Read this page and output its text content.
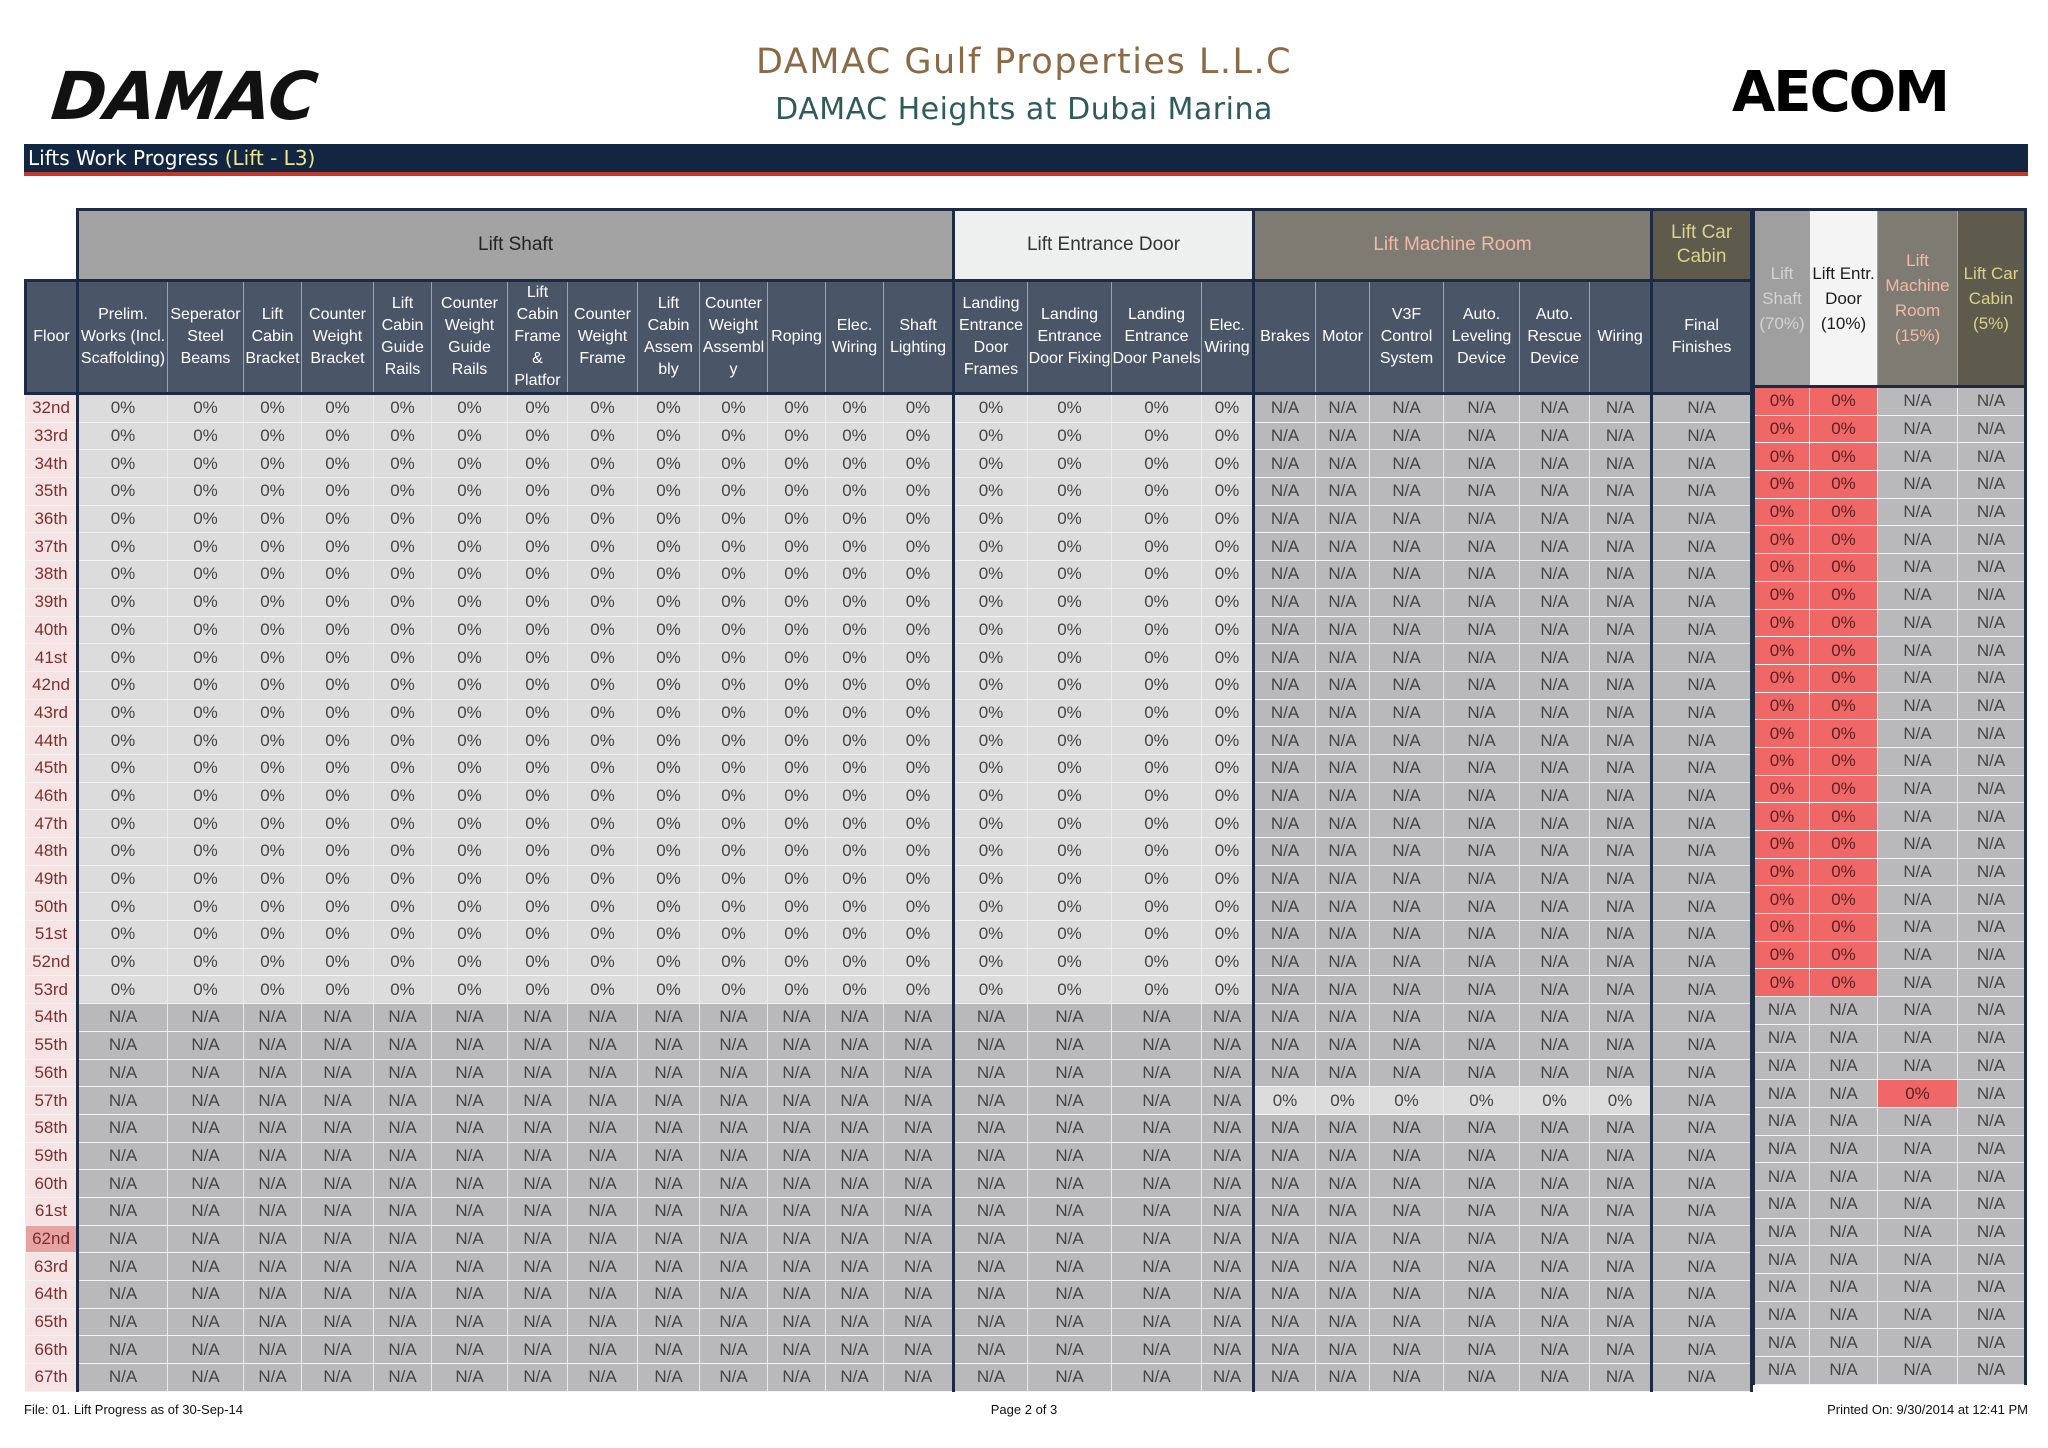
DAMAC	DAMAC Gulf Properties L.L.C
DAMAC Heights at Dubai Marina	AECOM
Lifts Work Progress (Lift - L3)
	Lift Shaft													Lift Entrance Door				Lift Machine Room						Lift Car Cabin
Floor	Prelim. Works (Incl. Scaffolding)	Seperator Steel Beams	Lift Cabin Bracket	Counter Weight Bracket	Lift Cabin Guide Rails	Counter Weight Guide Rails	Lift Cabin Frame & Platfor	Counter Weight Frame	Lift Cabin Assem bly	Counter Weight Assembl y	Roping	Elec. Wiring	Shaft Lighting	Landing Entrance Door Frames	Landing Entrance Door Fixing	Landing Entrance Door Panels	Elec. Wiring	Brakes	Motor	V3F Control System	Auto. Leveling Device	Auto. Rescue Device	Wiring	Final Finishes
32nd	0%	0%	0%	0%	0%	0%	0%	0%	0%	0%	0%	0%	0%	0%	0%	0%	0%	N/A	N/A	N/A	N/A	N/A	N/A	N/A
33rd	0%	0%	0%	0%	0%	0%	0%	0%	0%	0%	0%	0%	0%	0%	0%	0%	0%	N/A	N/A	N/A	N/A	N/A	N/A	N/A
34th	0%	0%	0%	0%	0%	0%	0%	0%	0%	0%	0%	0%	0%	0%	0%	0%	0%	N/A	N/A	N/A	N/A	N/A	N/A	N/A
35th	0%	0%	0%	0%	0%	0%	0%	0%	0%	0%	0%	0%	0%	0%	0%	0%	0%	N/A	N/A	N/A	N/A	N/A	N/A	N/A
36th	0%	0%	0%	0%	0%	0%	0%	0%	0%	0%	0%	0%	0%	0%	0%	0%	0%	N/A	N/A	N/A	N/A	N/A	N/A	N/A
37th	0%	0%	0%	0%	0%	0%	0%	0%	0%	0%	0%	0%	0%	0%	0%	0%	0%	N/A	N/A	N/A	N/A	N/A	N/A	N/A
38th	0%	0%	0%	0%	0%	0%	0%	0%	0%	0%	0%	0%	0%	0%	0%	0%	0%	N/A	N/A	N/A	N/A	N/A	N/A	N/A
39th	0%	0%	0%	0%	0%	0%	0%	0%	0%	0%	0%	0%	0%	0%	0%	0%	0%	N/A	N/A	N/A	N/A	N/A	N/A	N/A
40th	0%	0%	0%	0%	0%	0%	0%	0%	0%	0%	0%	0%	0%	0%	0%	0%	0%	N/A	N/A	N/A	N/A	N/A	N/A	N/A
41st	0%	0%	0%	0%	0%	0%	0%	0%	0%	0%	0%	0%	0%	0%	0%	0%	0%	N/A	N/A	N/A	N/A	N/A	N/A	N/A
42nd	0%	0%	0%	0%	0%	0%	0%	0%	0%	0%	0%	0%	0%	0%	0%	0%	0%	N/A	N/A	N/A	N/A	N/A	N/A	N/A
43rd	0%	0%	0%	0%	0%	0%	0%	0%	0%	0%	0%	0%	0%	0%	0%	0%	0%	N/A	N/A	N/A	N/A	N/A	N/A	N/A
44th	0%	0%	0%	0%	0%	0%	0%	0%	0%	0%	0%	0%	0%	0%	0%	0%	0%	N/A	N/A	N/A	N/A	N/A	N/A	N/A
45th	0%	0%	0%	0%	0%	0%	0%	0%	0%	0%	0%	0%	0%	0%	0%	0%	0%	N/A	N/A	N/A	N/A	N/A	N/A	N/A
46th	0%	0%	0%	0%	0%	0%	0%	0%	0%	0%	0%	0%	0%	0%	0%	0%	0%	N/A	N/A	N/A	N/A	N/A	N/A	N/A
47th	0%	0%	0%	0%	0%	0%	0%	0%	0%	0%	0%	0%	0%	0%	0%	0%	0%	N/A	N/A	N/A	N/A	N/A	N/A	N/A
48th	0%	0%	0%	0%	0%	0%	0%	0%	0%	0%	0%	0%	0%	0%	0%	0%	0%	N/A	N/A	N/A	N/A	N/A	N/A	N/A
49th	0%	0%	0%	0%	0%	0%	0%	0%	0%	0%	0%	0%	0%	0%	0%	0%	0%	N/A	N/A	N/A	N/A	N/A	N/A	N/A
50th	0%	0%	0%	0%	0%	0%	0%	0%	0%	0%	0%	0%	0%	0%	0%	0%	0%	N/A	N/A	N/A	N/A	N/A	N/A	N/A
51st	0%	0%	0%	0%	0%	0%	0%	0%	0%	0%	0%	0%	0%	0%	0%	0%	0%	N/A	N/A	N/A	N/A	N/A	N/A	N/A
52nd	0%	0%	0%	0%	0%	0%	0%	0%	0%	0%	0%	0%	0%	0%	0%	0%	0%	N/A	N/A	N/A	N/A	N/A	N/A	N/A
53rd	0%	0%	0%	0%	0%	0%	0%	0%	0%	0%	0%	0%	0%	0%	0%	0%	0%	N/A	N/A	N/A	N/A	N/A	N/A	N/A
54th	N/A	N/A	N/A	N/A	N/A	N/A	N/A	N/A	N/A	N/A	N/A	N/A	N/A	N/A	N/A	N/A	N/A	N/A	N/A	N/A	N/A	N/A	N/A	N/A
55th	N/A	N/A	N/A	N/A	N/A	N/A	N/A	N/A	N/A	N/A	N/A	N/A	N/A	N/A	N/A	N/A	N/A	N/A	N/A	N/A	N/A	N/A	N/A	N/A
56th	N/A	N/A	N/A	N/A	N/A	N/A	N/A	N/A	N/A	N/A	N/A	N/A	N/A	N/A	N/A	N/A	N/A	N/A	N/A	N/A	N/A	N/A	N/A	N/A
57th	N/A	N/A	N/A	N/A	N/A	N/A	N/A	N/A	N/A	N/A	N/A	N/A	N/A	N/A	N/A	N/A	N/A	0%	0%	0%	0%	0%	0%	N/A
58th	N/A	N/A	N/A	N/A	N/A	N/A	N/A	N/A	N/A	N/A	N/A	N/A	N/A	N/A	N/A	N/A	N/A	N/A	N/A	N/A	N/A	N/A	N/A	N/A
59th	N/A	N/A	N/A	N/A	N/A	N/A	N/A	N/A	N/A	N/A	N/A	N/A	N/A	N/A	N/A	N/A	N/A	N/A	N/A	N/A	N/A	N/A	N/A	N/A
60th	N/A	N/A	N/A	N/A	N/A	N/A	N/A	N/A	N/A	N/A	N/A	N/A	N/A	N/A	N/A	N/A	N/A	N/A	N/A	N/A	N/A	N/A	N/A	N/A
61st	N/A	N/A	N/A	N/A	N/A	N/A	N/A	N/A	N/A	N/A	N/A	N/A	N/A	N/A	N/A	N/A	N/A	N/A	N/A	N/A	N/A	N/A	N/A	N/A
62nd	N/A	N/A	N/A	N/A	N/A	N/A	N/A	N/A	N/A	N/A	N/A	N/A	N/A	N/A	N/A	N/A	N/A	N/A	N/A	N/A	N/A	N/A	N/A	N/A
63rd	N/A	N/A	N/A	N/A	N/A	N/A	N/A	N/A	N/A	N/A	N/A	N/A	N/A	N/A	N/A	N/A	N/A	N/A	N/A	N/A	N/A	N/A	N/A	N/A
64th	N/A	N/A	N/A	N/A	N/A	N/A	N/A	N/A	N/A	N/A	N/A	N/A	N/A	N/A	N/A	N/A	N/A	N/A	N/A	N/A	N/A	N/A	N/A	N/A
65th	N/A	N/A	N/A	N/A	N/A	N/A	N/A	N/A	N/A	N/A	N/A	N/A	N/A	N/A	N/A	N/A	N/A	N/A	N/A	N/A	N/A	N/A	N/A	N/A
66th	N/A	N/A	N/A	N/A	N/A	N/A	N/A	N/A	N/A	N/A	N/A	N/A	N/A	N/A	N/A	N/A	N/A	N/A	N/A	N/A	N/A	N/A	N/A	N/A
67th	N/A	N/A	N/A	N/A	N/A	N/A	N/A	N/A	N/A	N/A	N/A	N/A	N/A	N/A	N/A	N/A	N/A	N/A	N/A	N/A	N/A	N/A	N/A	N/A
Lift Shaft (70%)	Lift Entr. Door (10%)	Lift Machine Room (15%)	Lift Car Cabin (5%)
0%	0%	N/A	N/A
0%	0%	N/A	N/A
0%	0%	N/A	N/A
0%	0%	N/A	N/A
0%	0%	N/A	N/A
0%	0%	N/A	N/A
0%	0%	N/A	N/A
0%	0%	N/A	N/A
0%	0%	N/A	N/A
0%	0%	N/A	N/A
0%	0%	N/A	N/A
0%	0%	N/A	N/A
0%	0%	N/A	N/A
0%	0%	N/A	N/A
0%	0%	N/A	N/A
0%	0%	N/A	N/A
0%	0%	N/A	N/A
0%	0%	N/A	N/A
0%	0%	N/A	N/A
0%	0%	N/A	N/A
0%	0%	N/A	N/A
0%	0%	N/A	N/A
N/A	N/A	N/A	N/A
N/A	N/A	N/A	N/A
N/A	N/A	N/A	N/A
N/A	N/A	0%	N/A
N/A	N/A	N/A	N/A
N/A	N/A	N/A	N/A
N/A	N/A	N/A	N/A
N/A	N/A	N/A	N/A
N/A	N/A	N/A	N/A
N/A	N/A	N/A	N/A
N/A	N/A	N/A	N/A
N/A	N/A	N/A	N/A
N/A	N/A	N/A	N/A
N/A	N/A	N/A	N/A
File: 01. Lift Progress as of 30-Sep-14	Page 2 of 3	Printed On: 9/30/2014 at 12:41 PM
